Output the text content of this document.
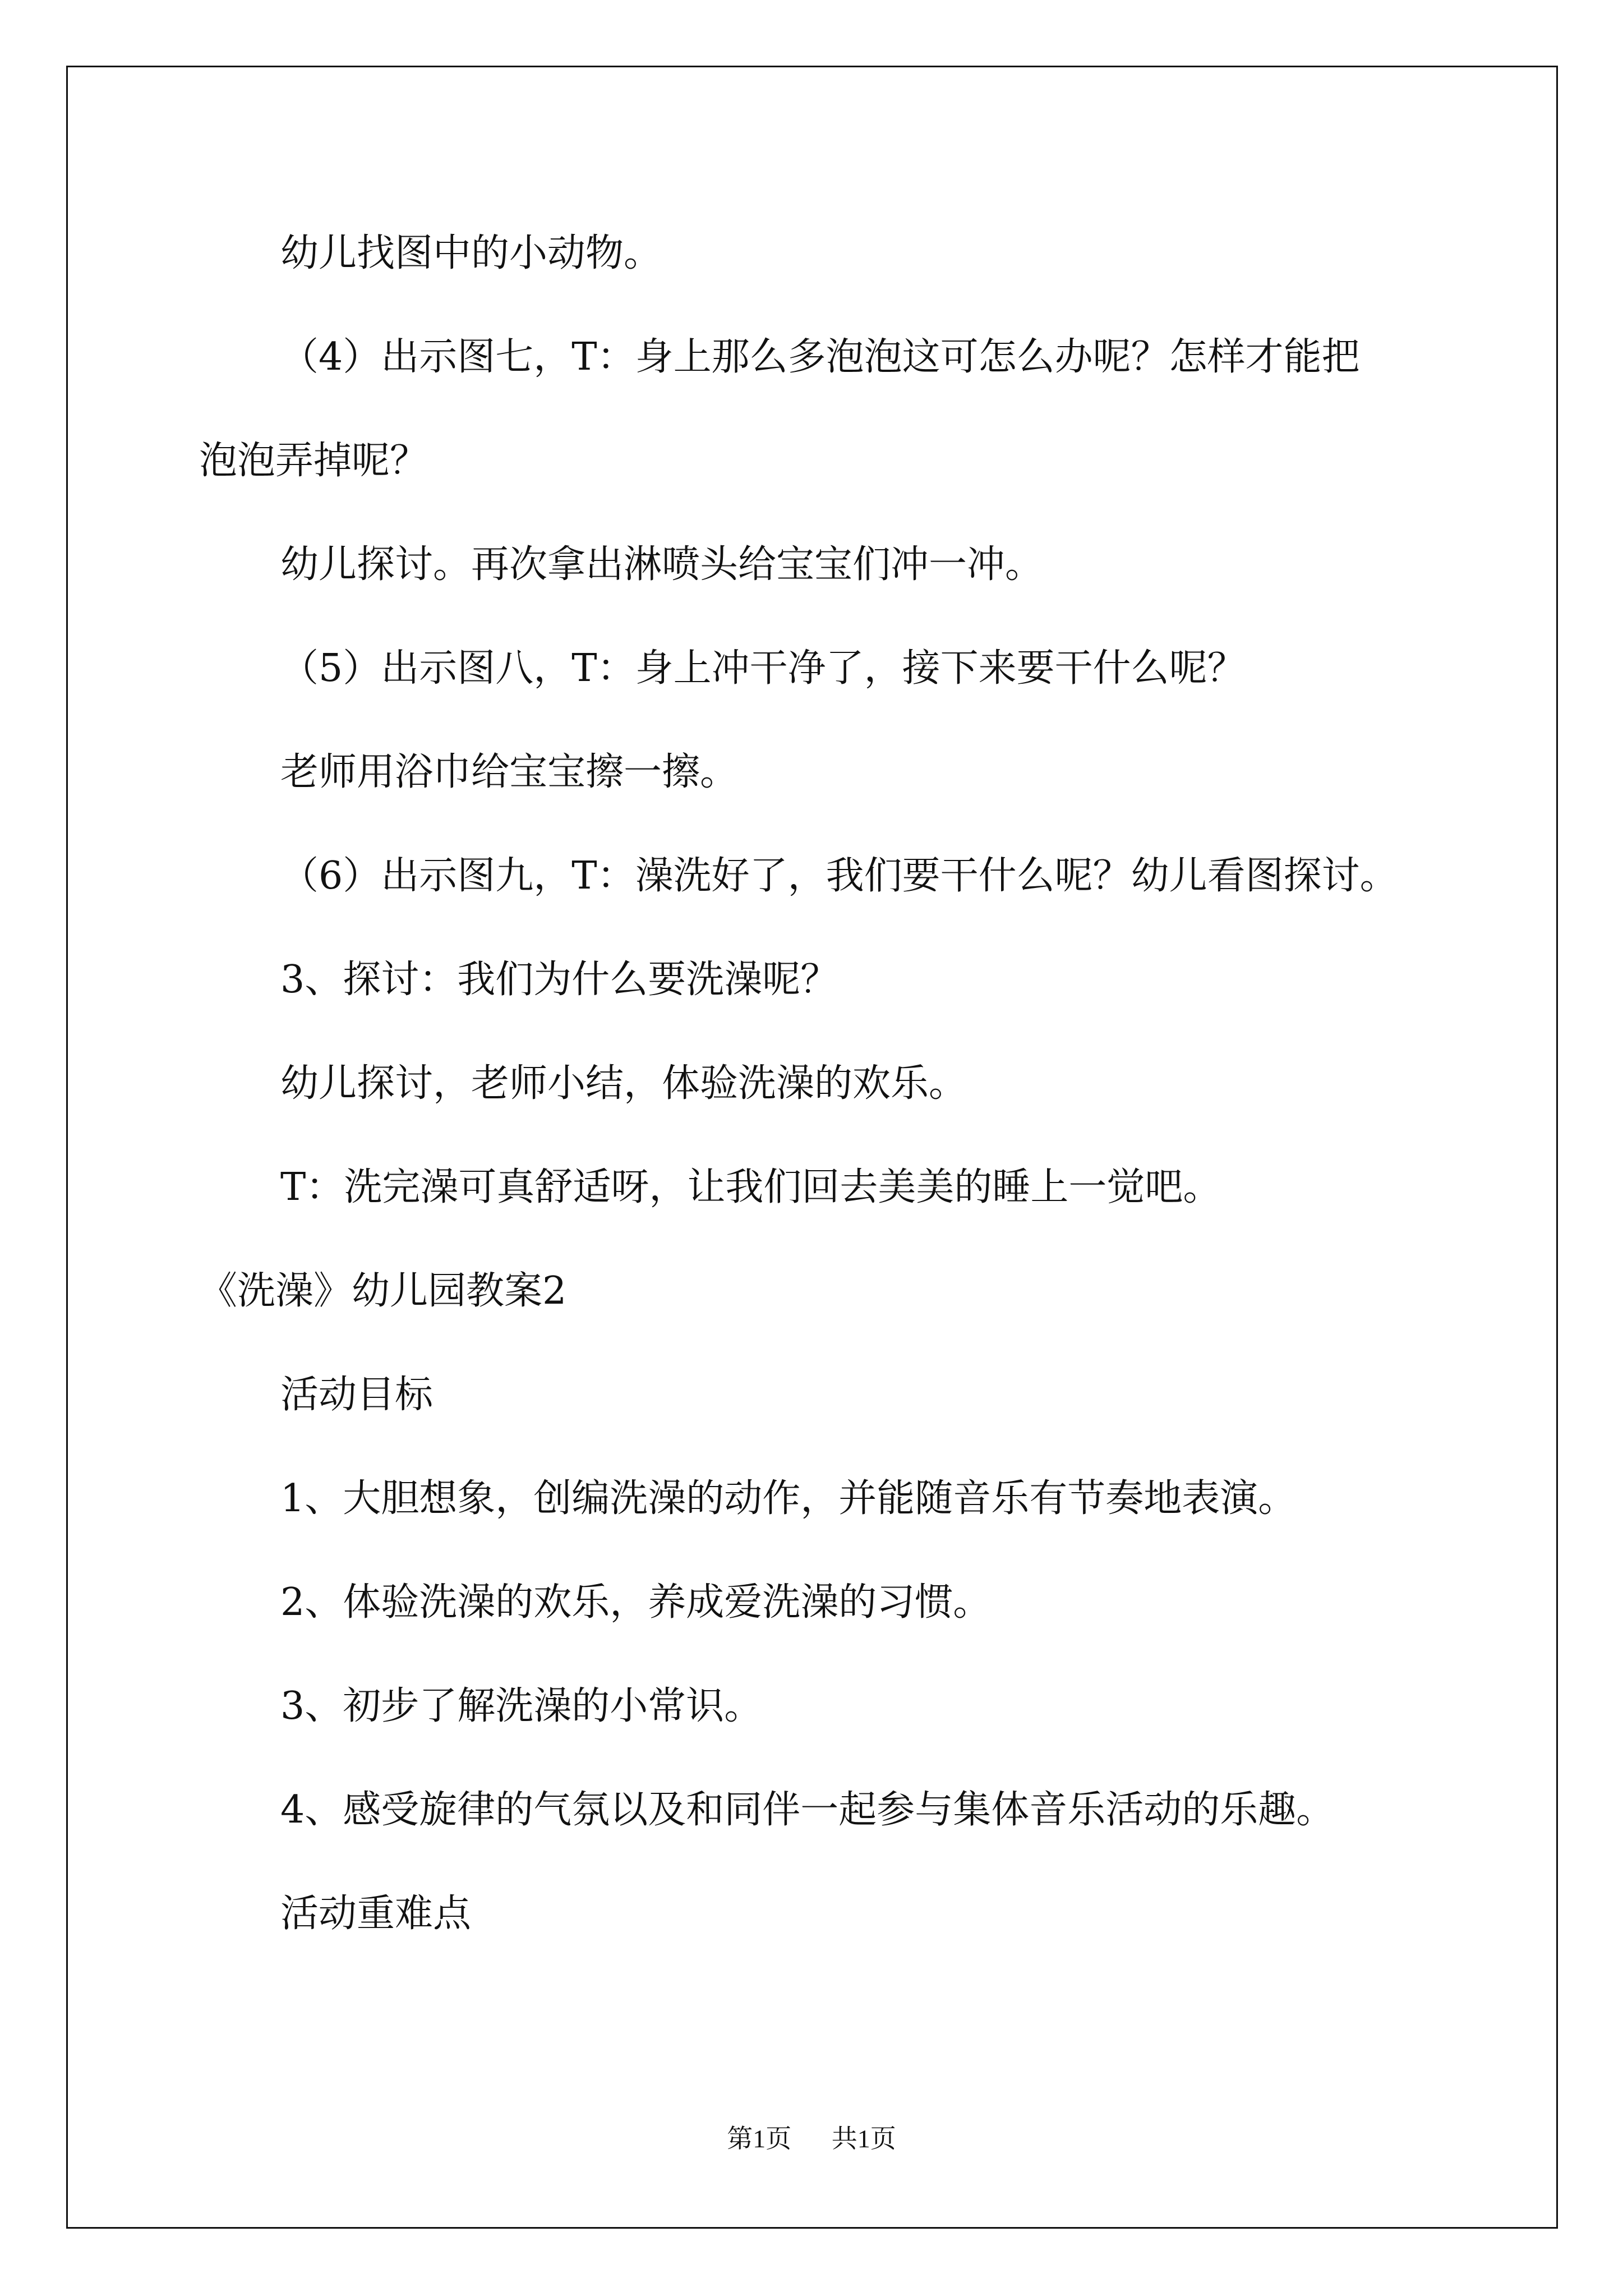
幼儿找图中的小动物。
（4）出示图七，T：身上那么多泡泡这可怎么办呢？怎样才能把
泡泡弄掉呢？
幼儿探讨。再次拿出淋喷头给宝宝们冲一冲。
（5）出示图八，T：身上冲干净了，接下来要干什么呢？
老师用浴巾给宝宝擦一擦。
（6）出示图九，T：澡洗好了，我们要干什么呢？幼儿看图探讨。
3、探讨：我们为什么要洗澡呢？
幼儿探讨，老师小结，体验洗澡的欢乐。
T：洗完澡可真舒适呀，让我们回去美美的睡上一觉吧。
《洗澡》幼儿园教案2
活动目标
1、大胆想象，创编洗澡的动作，并能随音乐有节奏地表演。
2、体验洗澡的欢乐，养成爱洗澡的习惯。
3、初步了解洗澡的小常识。
4、感受旋律的气氛以及和同伴一起参与集体音乐活动的乐趣。
活动重难点
第1页 共1页
